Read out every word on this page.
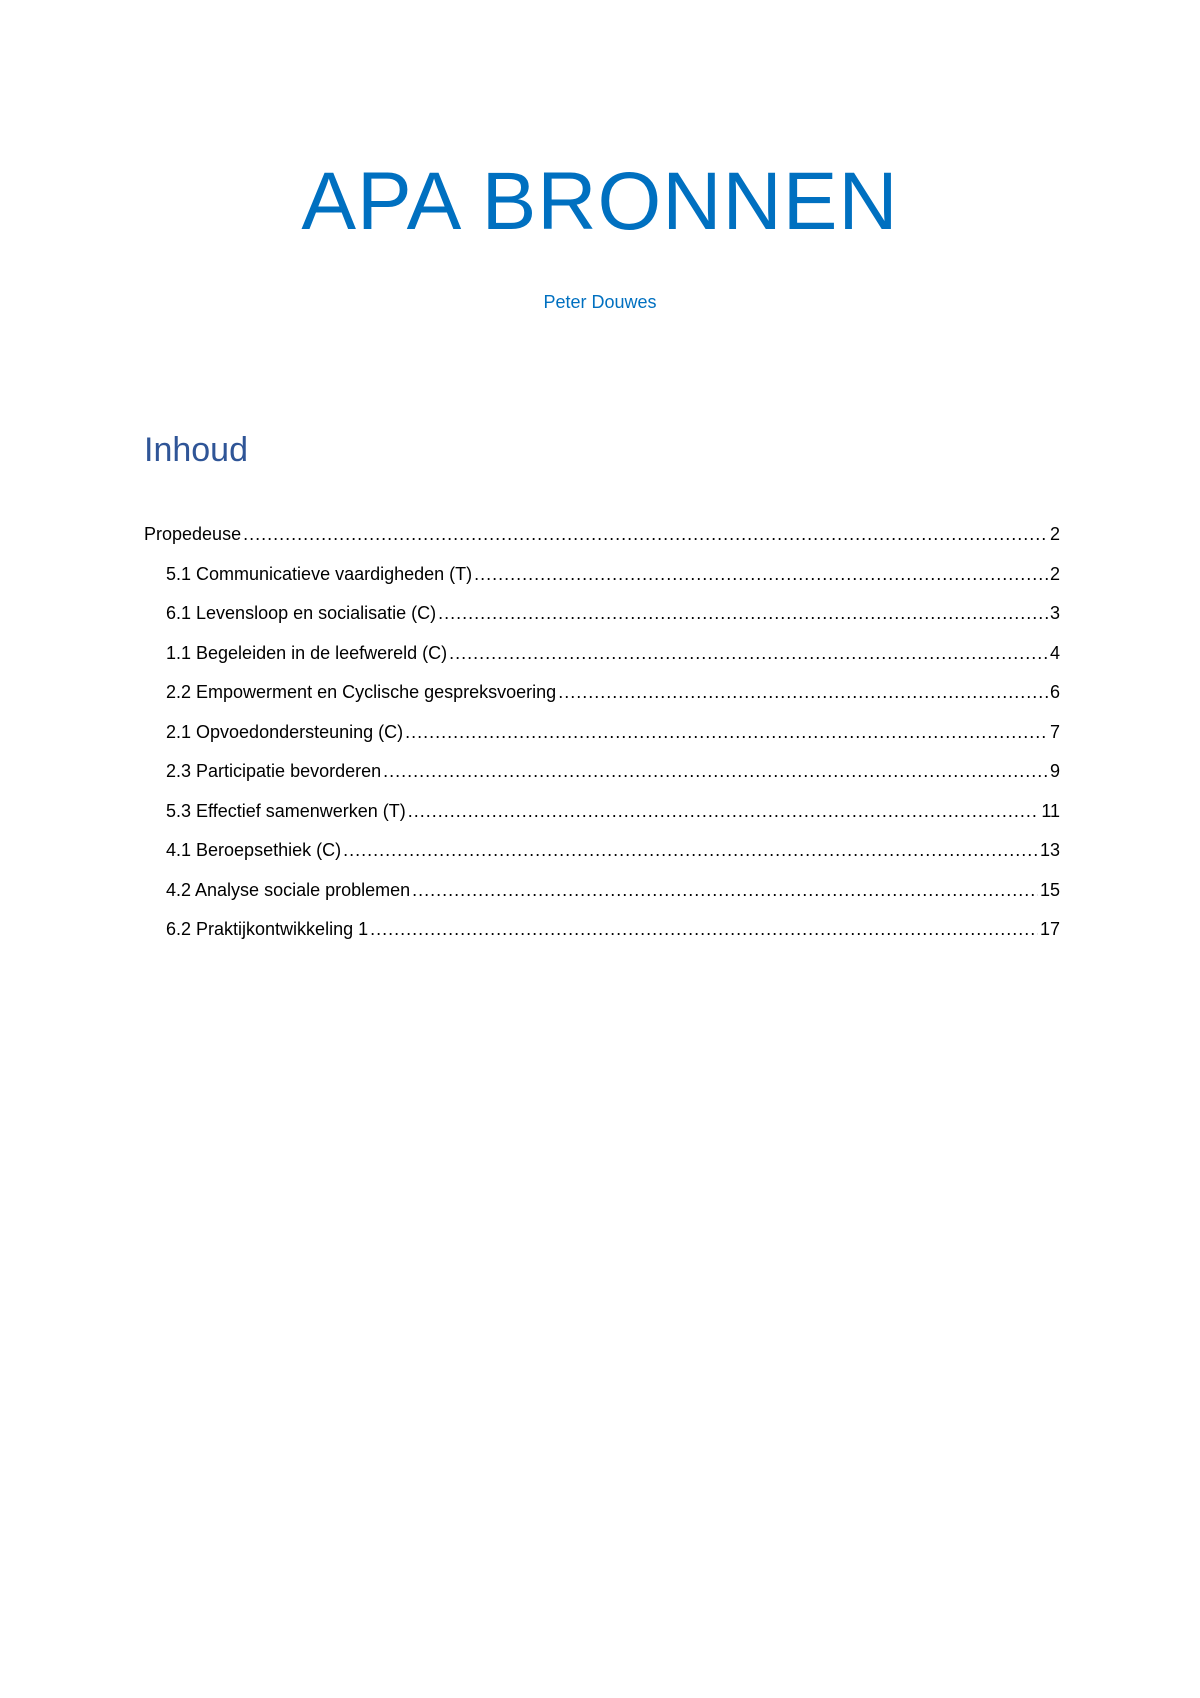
APA BRONNEN

Peter Douwes

Inhoud
Propedeuse .....	2
5.1 Communicatieve vaardigheden (T) .....	2
6.1 Levensloop en socialisatie (C) .....	3
1.1 Begeleiden in de leefwereld (C) .....	4
2.2 Empowerment en Cyclische gespreksvoering .....	6
2.1 Opvoedondersteuning (C) .....	7
2.3 Participatie bevorderen .....	9
5.3 Effectief samenwerken (T) .....	11
4.1 Beroepsethiek (C) .....	13
4.2 Analyse sociale problemen .....	15
6.2 Praktijkontwikkeling 1 .....	17
